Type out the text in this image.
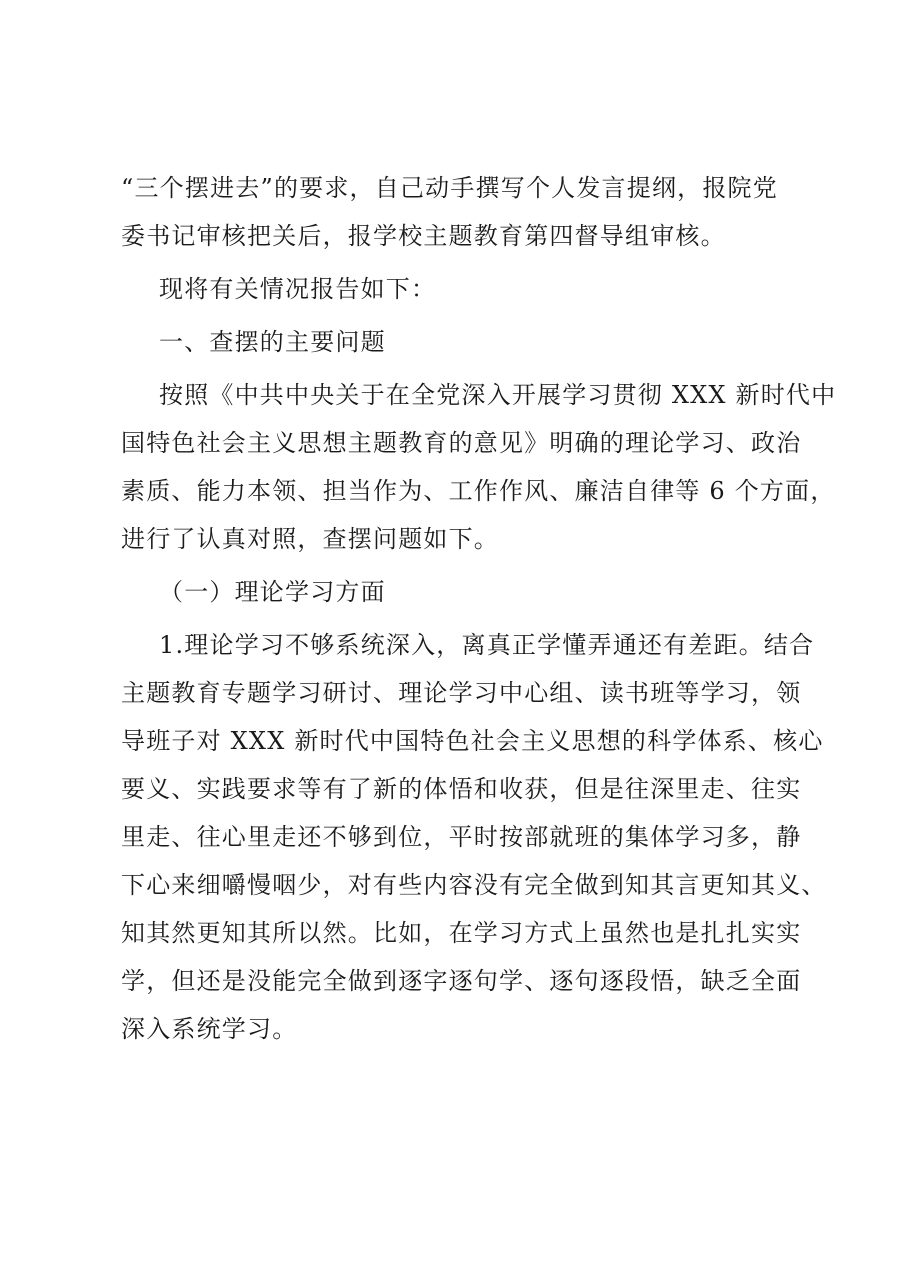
“三个摆进去”的要求，自己动手撰写个人发言提纲，报院党
委书记审核把关后，报学校主题教育第四督导组审核。
现将有关情况报告如下：
一、查摆的主要问题
按照《中共中央关于在全党深入开展学习贯彻 XXX 新时代中
国特色社会主义思想主题教育的意见》明确的理论学习、政治
素质、能力本领、担当作为、工作作风、廉洁自律等 6 个方面，
进行了认真对照，查摆问题如下。
（一）理论学习方面
1.理论学习不够系统深入，离真正学懂弄通还有差距。结合
主题教育专题学习研讨、理论学习中心组、读书班等学习，领
导班子对 XXX 新时代中国特色社会主义思想的科学体系、核心
要义、实践要求等有了新的体悟和收获，但是往深里走、往实
里走、往心里走还不够到位，平时按部就班的集体学习多，静
下心来细嚼慢咽少，对有些内容没有完全做到知其言更知其义、
知其然更知其所以然。比如，在学习方式上虽然也是扎扎实实
学，但还是没能完全做到逐字逐句学、逐句逐段悟，缺乏全面
深入系统学习。
